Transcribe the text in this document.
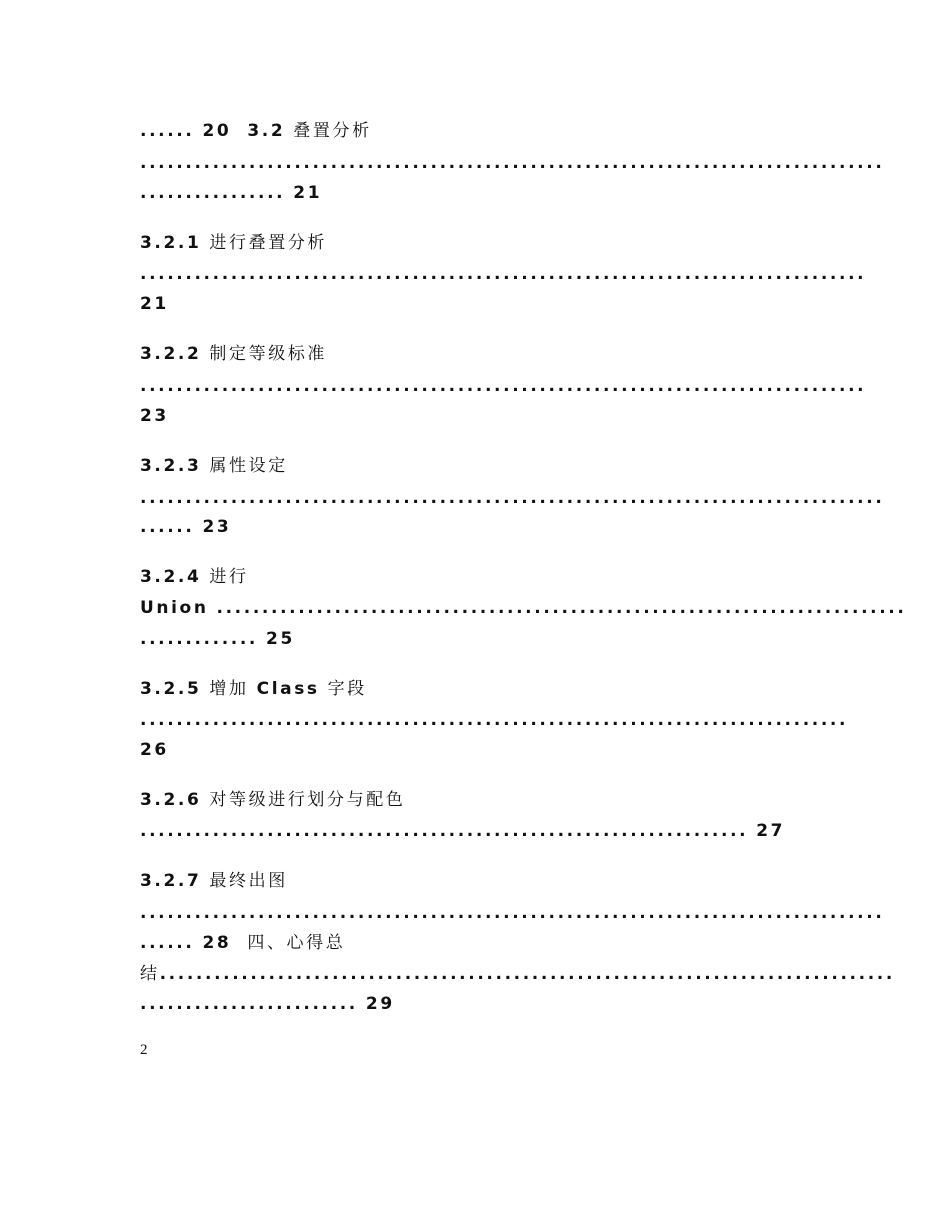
...... 20 3.2 叠置分析
..................................................................................
................ 21
3.2.1 进行叠置分析
................................................................................
21
3.2.2 制定等级标准
................................................................................
23
3.2.3 属性设定
..................................................................................
...... 23
3.2.4 进行
Union ............................................................................
............. 25
3.2.5 增加 Class 字段
..............................................................................
26
3.2.6 对等级进行划分与配色
................................................................... 27
3.2.7 最终出图
..................................................................................
...... 28 四、心得总
结.................................................................................
........................ 29
2
